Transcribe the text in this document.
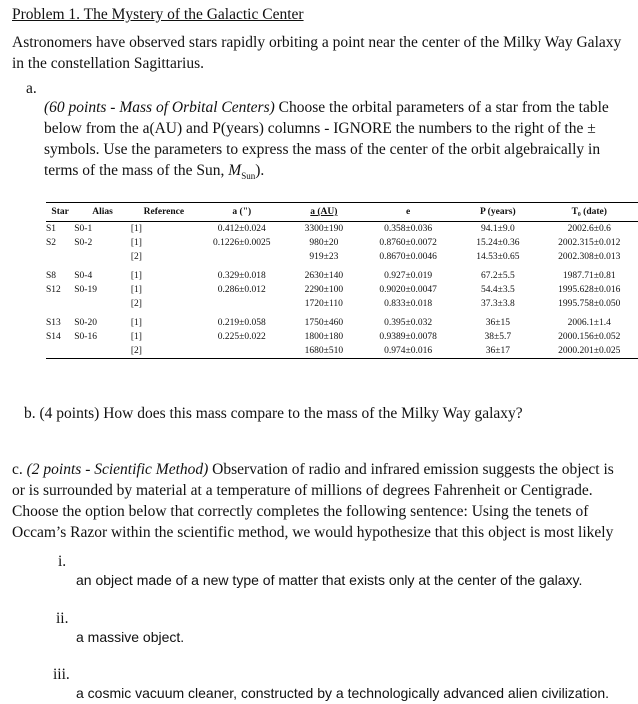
Problem 1. The Mystery of the Galactic Center
Astronomers have observed stars rapidly orbiting a point near the center of the Milky Way Galaxy in the constellation Sagittarius.
a.
(60 points - Mass of Orbital Centers) Choose the orbital parameters of a star from the table below from the a(AU) and P(years) columns - IGNORE the numbers to the right of the ± symbols. Use the parameters to express the mass of the center of the orbit algebraically in terms of the mass of the Sun, $M_{Sun}$).
Star	Alias	Reference	a (")	a (AU)	e	P (years)	T₀ (date)
S1	S0-1	[1]	0.412±0.024	3300±190	0.358±0.036	94.1±9.0	2002.6±0.6
S2	S0-2	[1]	0.1226±0.0025	980±20	0.8760±0.0072	15.24±0.36	2002.315±0.012
		[2]		919±23	0.8670±0.0046	14.53±0.65	2002.308±0.013
S8	S0-4	[1]	0.329±0.018	2630±140	0.927±0.019	67.2±5.5	1987.71±0.81
S12	S0-19	[1]	0.286±0.012	2290±100	0.9020±0.0047	54.4±3.5	1995.628±0.016
		[2]		1720±110	0.833±0.018	37.3±3.8	1995.758±0.050
S13	S0-20	[1]	0.219±0.058	1750±460	0.395±0.032	36±15	2006.1±1.4
S14	S0-16	[1]	0.225±0.022	1800±180	0.9389±0.0078	38±5.7	2000.156±0.052
		[2]		1680±510	0.974±0.016	36±17	2000.201±0.025
b. (4 points) How does this mass compare to the mass of the Milky Way galaxy?
c. (2 points - Scientific Method) Observation of radio and infrared emission suggests the object is or is surrounded by material at a temperature of millions of degrees Fahrenheit or Centigrade. Choose the option below that correctly completes the following sentence: Using the tenets of Occam’s Razor within the scientific method, we would hypothesize that this object is most likely
i.
an object made of a new type of matter that exists only at the center of the galaxy.
ii.
a massive object.
iii.
a cosmic vacuum cleaner, constructed by a technologically advanced alien civilization.
